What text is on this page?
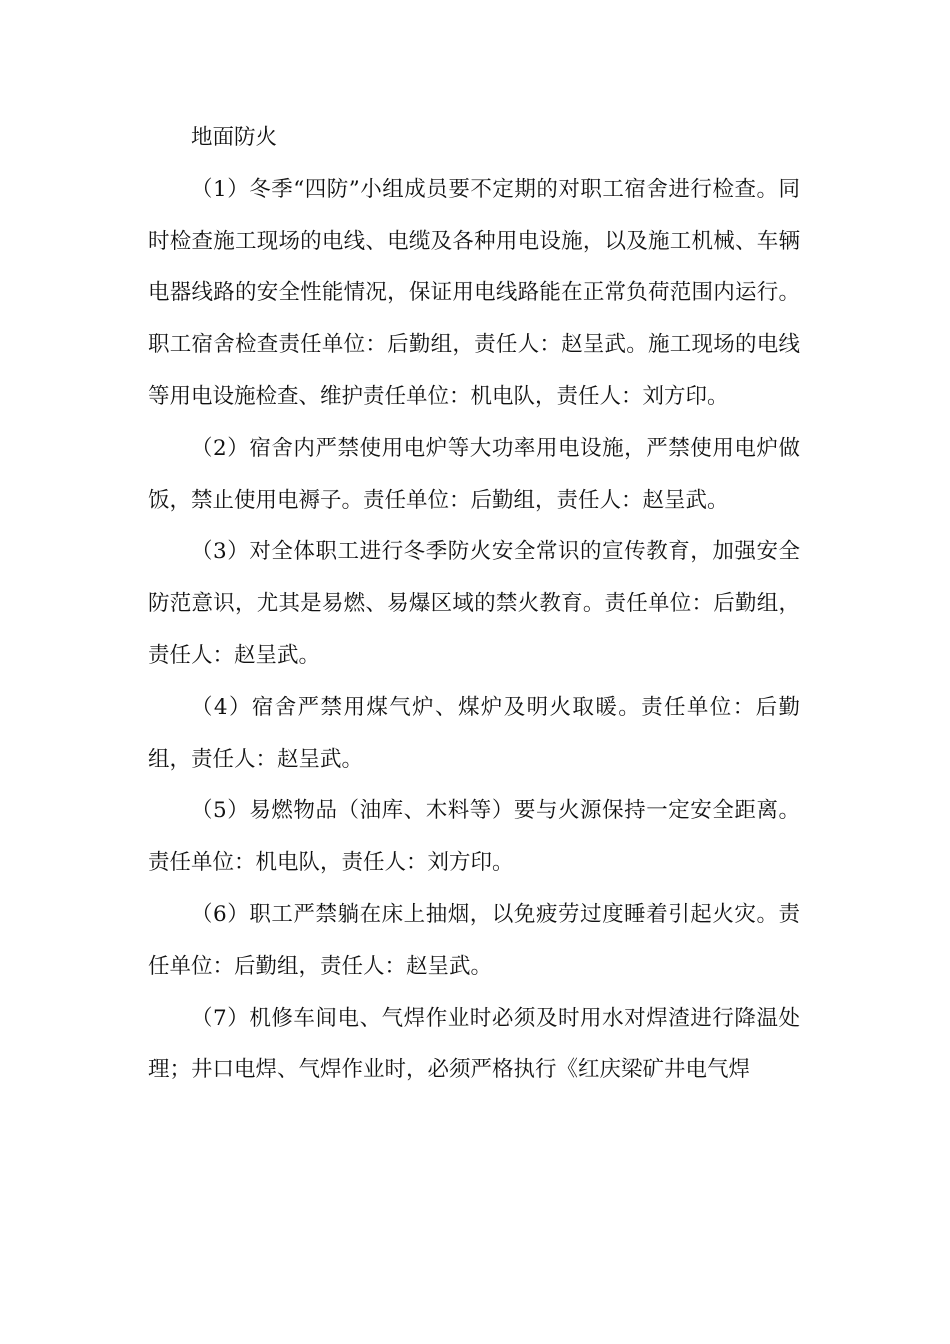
地面防火

（1）冬季“四防”小组成员要不定期的对职工宿舍进行检查。同时检查施工现场的电线、电缆及各种用电设施，以及施工机械、车辆电器线路的安全性能情况，保证用电线路能在正常负荷范围内运行。职工宿舍检查责任单位：后勤组，责任人：赵呈武。施工现场的电线等用电设施检查、维护责任单位：机电队，责任人：刘方印。

（2）宿舍内严禁使用电炉等大功率用电设施，严禁使用电炉做饭，禁止使用电褥子。责任单位：后勤组，责任人：赵呈武。

（3）对全体职工进行冬季防火安全常识的宣传教育，加强安全防范意识，尤其是易燃、易爆区域的禁火教育。责任单位：后勤组，责任人：赵呈武。

（4）宿舍严禁用煤气炉、煤炉及明火取暖。责任单位：后勤组，责任人：赵呈武。

（5）易燃物品（油库、木料等）要与火源保持一定安全距离。责任单位：机电队，责任人：刘方印。

（6）职工严禁躺在床上抽烟，以免疲劳过度睡着引起火灾。责任单位：后勤组，责任人：赵呈武。

（7）机修车间电、气焊作业时必须及时用水对焊渣进行降温处理；井口电焊、气焊作业时，必须严格执行《红庆梁矿井电气焊
